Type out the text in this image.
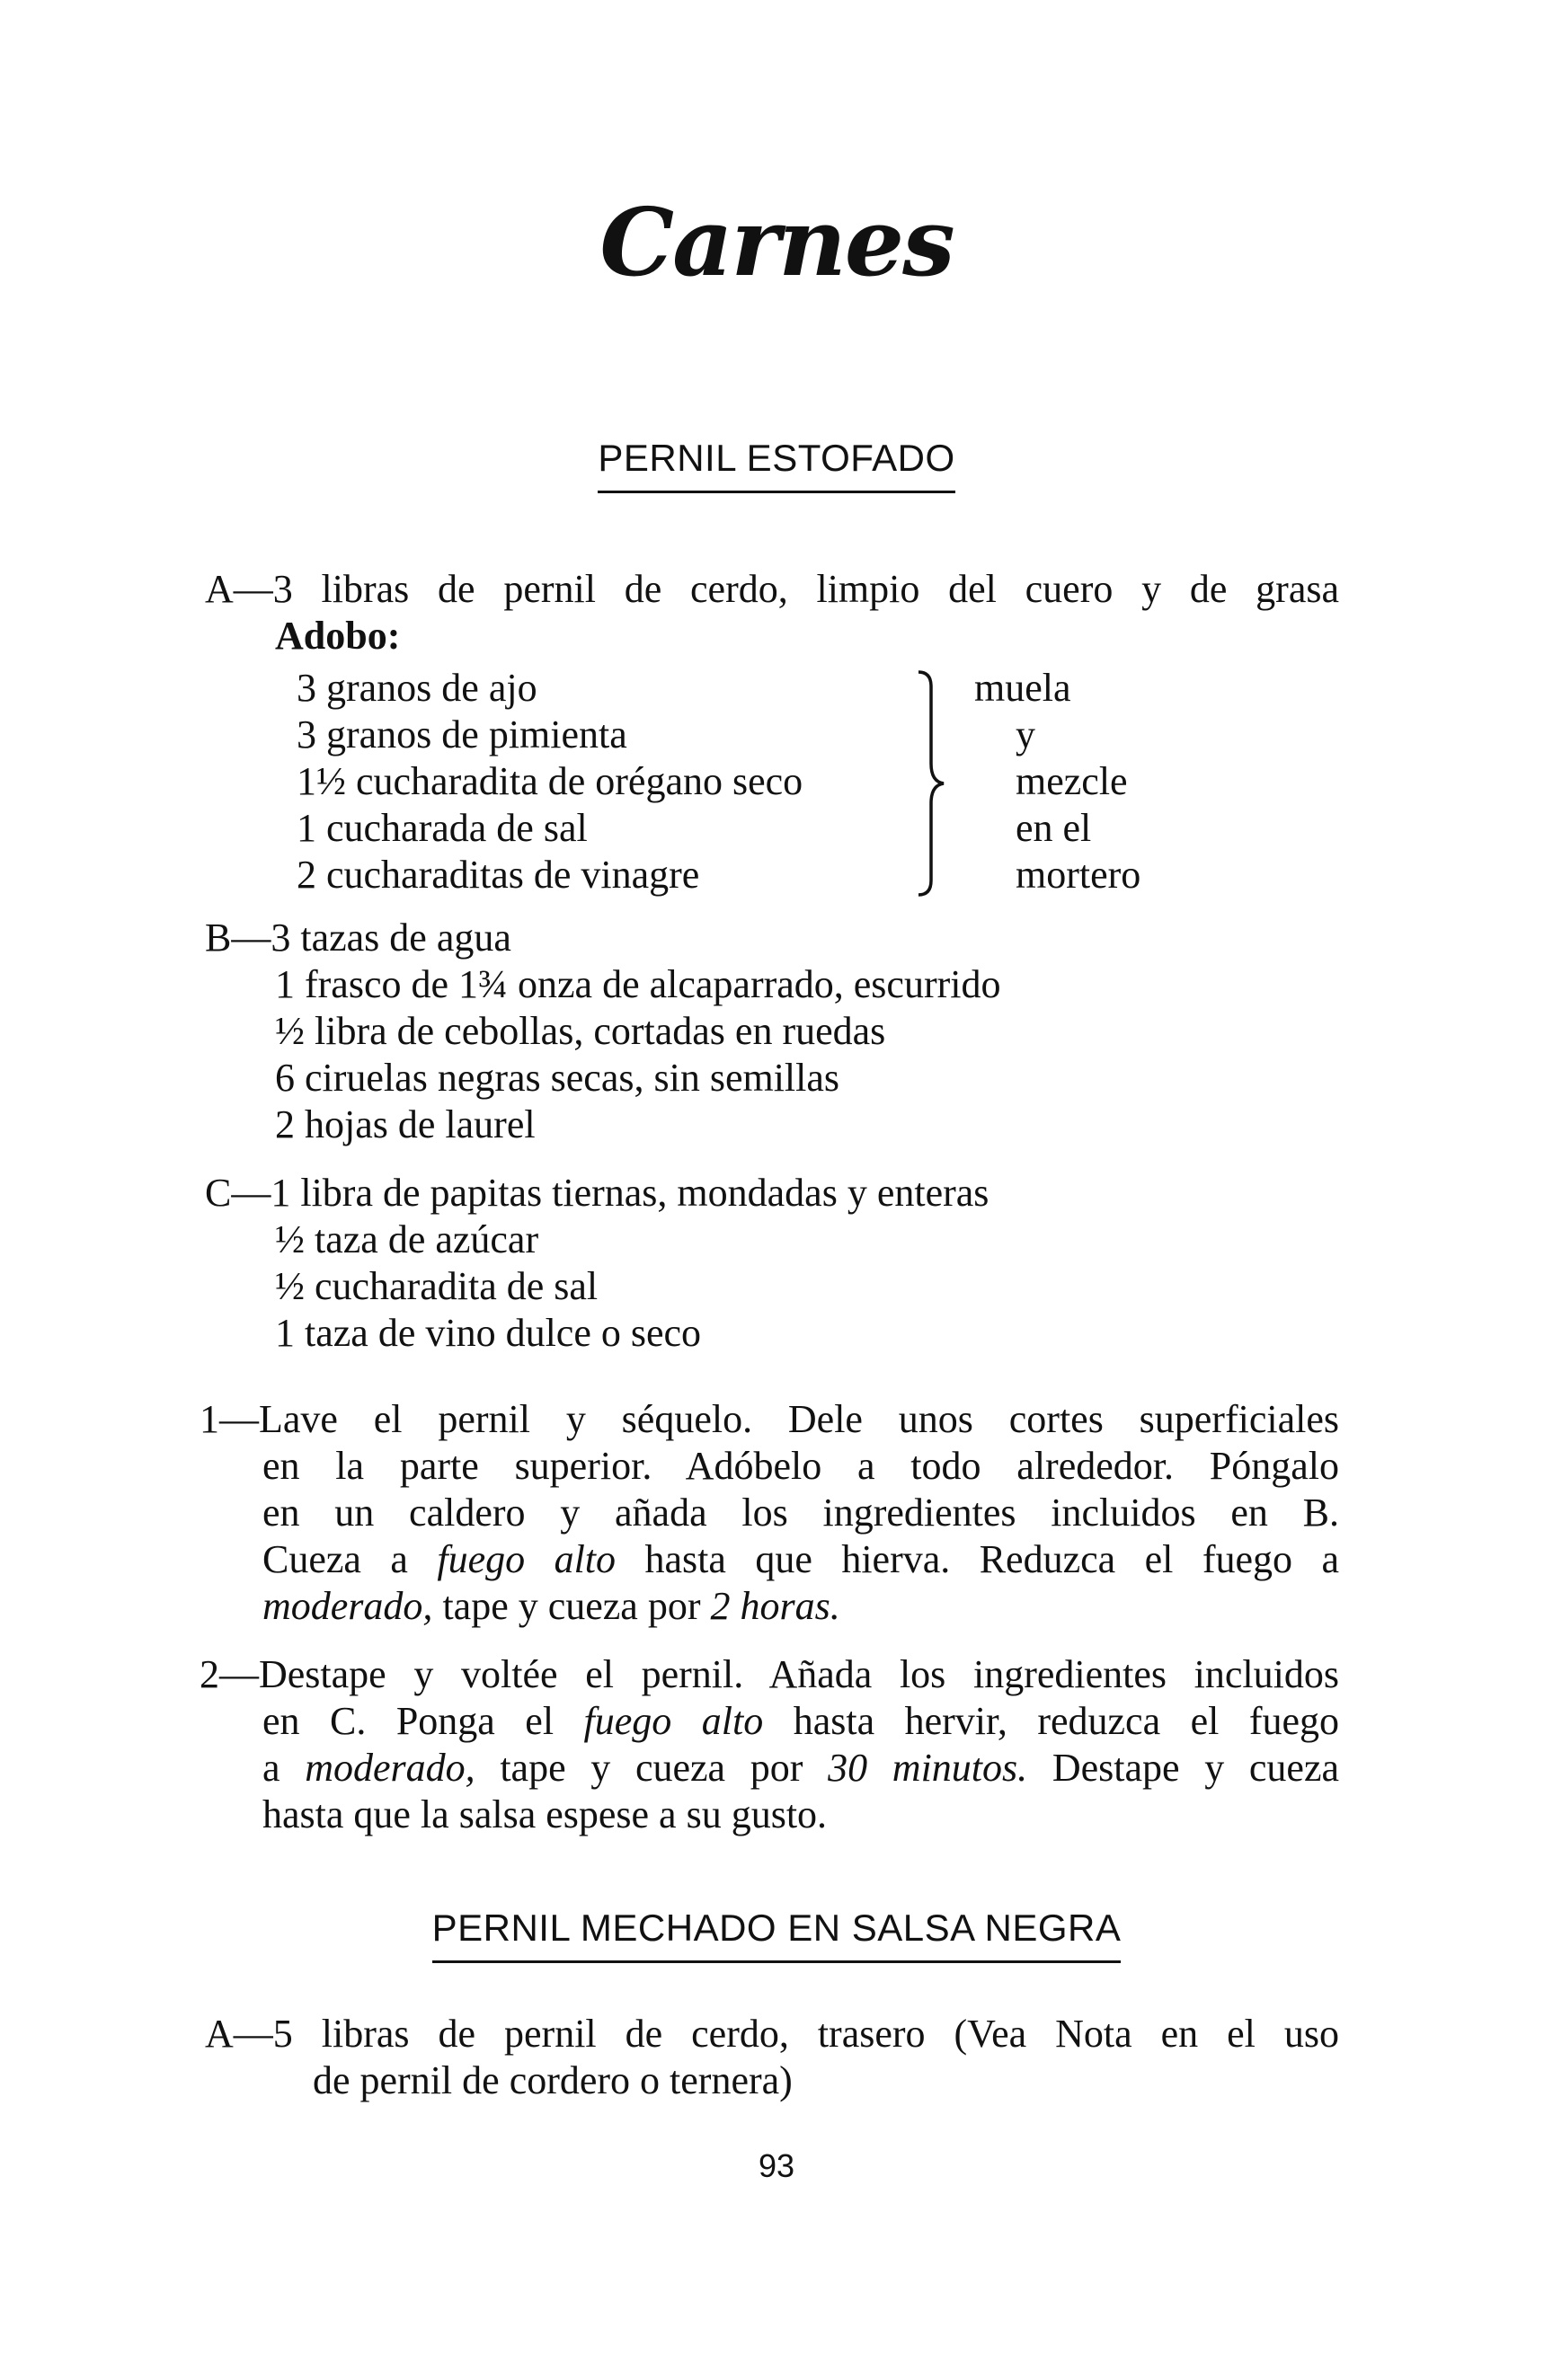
Carnes
PERNIL ESTOFADO
A—3 libras de pernil de cerdo, limpio del cuero y de grasa
Adobo:
3 granos de ajo
3 granos de pimienta
1½ cucharadita de orégano seco
1 cucharada de sal
2 cucharaditas de vinagre
muela
y
mezcle
en el
mortero
B—3 tazas de agua
1 frasco de 1¾ onza de alcaparrado, escurrido
½ libra de cebollas, cortadas en ruedas
6 ciruelas negras secas, sin semillas
2 hojas de laurel
C—1 libra de papitas tiernas, mondadas y enteras
½ taza de azúcar
½ cucharadita de sal
1 taza de vino dulce o seco
1—Lave el pernil y séquelo. Dele unos cortes superficiales
en la parte superior. Adóbelo a todo alrededor. Póngalo
en un caldero y añada los ingredientes incluidos en B.
Cueza a fuego alto hasta que hierva. Reduzca el fuego a
moderado, tape y cueza por 2 horas.
2—Destape y voltée el pernil. Añada los ingredientes incluidos
en C. Ponga el fuego alto hasta hervir, reduzca el fuego
a moderado, tape y cueza por 30 minutos. Destape y cueza
hasta que la salsa espese a su gusto.
PERNIL MECHADO EN SALSA NEGRA
A—5 libras de pernil de cerdo, trasero (Vea Nota en el uso
de pernil de cordero o ternera)
93
